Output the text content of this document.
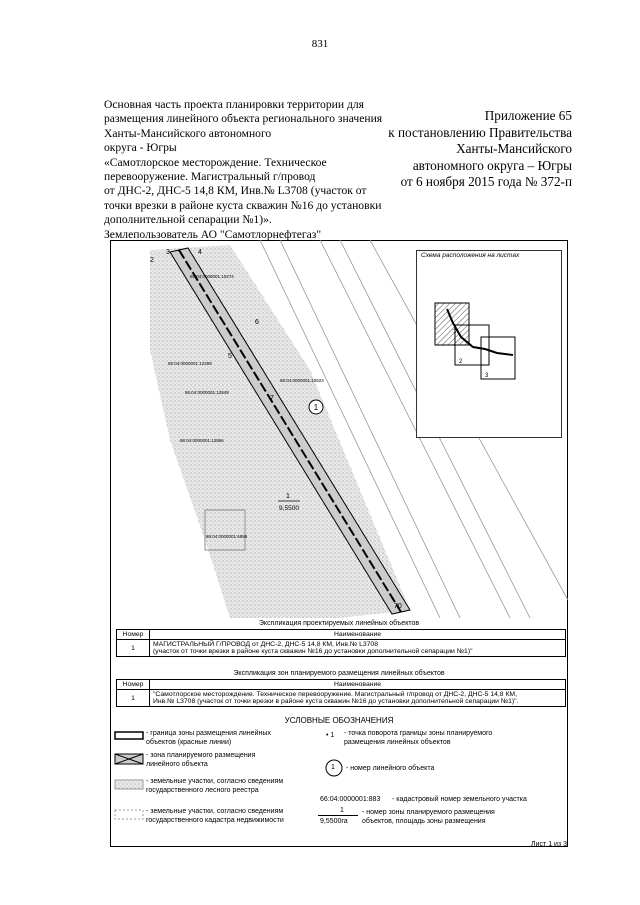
831
Основная часть проекта планировки территории для
размещения линейного объекта регионального значения
Ханты-Мансийского автономного
округа - Югры
«Самотлорское месторождение. Техническое
перевооружение. Магистральный г/провод
от ДНС-2, ДНС-5 14,8 КМ, Инв.№ L3708 (участок от
точки врезки в районе куста скважин №16 до установки
дополнительной сепарации №1)».
Землепользователь АО "Самотлорнефтегаз"
Приложение 65
к постановлению Правительства
Ханты-Мансийского
автономного округа – Югры
от 6 ноября 2015 года № 372-п
2
3	4
6
5
7
70
86:04:0000001:10274
86:04:0000001:12269
86:04:0000001:12849
86:04:0000001:10623
86:04:0000001:12856
86:04:0000001:6858
1
1
9,5500
Схема расположения на листах
1
2
3
Экспликация проектируемых линейных объектов
Номер	Наименование
1	МАГИСТРАЛЬНЫЙ Г/ПРОВОД от ДНС-2, ДНС-5 14,8 КМ, Инв.№ L3708
(участок от точки врезки в районе куста скважин №16 до установки дополнительной сепарации №1)"
Экспликация зон планируемого размещения линейных объектов
Номер	Наименование
1	"Самотлорское месторождение. Техническое перевооружение. Магистральный г/провод от ДНС-2, ДНС-5 14,8 КМ,
Инв.№ L3708 (участок от точки врезки в районе куста скважин №16 до установки дополнительной сепарации №1)".
УСЛОВНЫЕ ОБОЗНАЧЕНИЯ
- граница зоны размещения линейных
объектов (красные линии)
- зона планируемого размещения
линейного объекта
- земельные участки, согласно сведениям
государственного лесного реестра
- земельные участки, согласно сведениям
государственного кадастра недвижимости
• 1 - точка поворота границы зоны планируемого
размещения линейных объектов
1 - номер линейного объекта
66:04:0000001:883 - кадастровый номер земельного участка
1
9,5500га
- номер зоны планируемого размещения
объектов, площадь зоны размещения
Лист 1 из 3
